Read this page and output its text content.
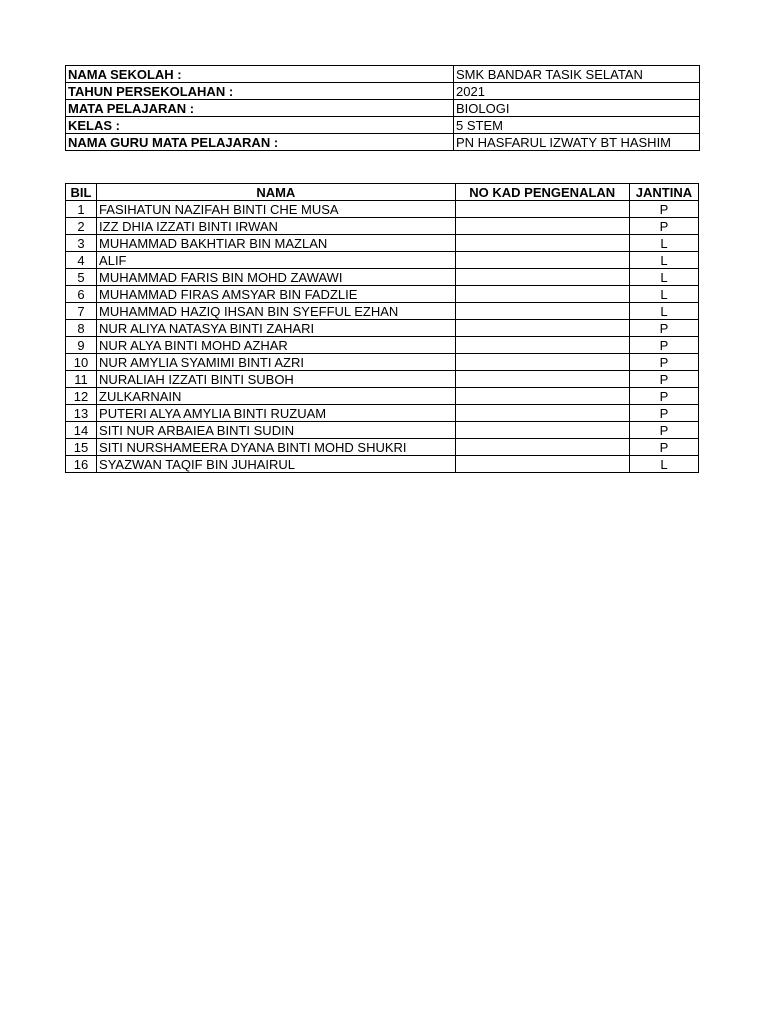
NAMA SEKOLAH :	SMK BANDAR TASIK SELATAN
TAHUN PERSEKOLAHAN :	2021
MATA PELAJARAN :	BIOLOGI
KELAS :	5 STEM
NAMA GURU MATA PELAJARAN :	PN HASFARUL IZWATY BT HASHIM
BIL	NAMA	NO KAD PENGENALAN	JANTINA
1	FASIHATUN NAZIFAH BINTI CHE MUSA		P
2	IZZ DHIA IZZATI BINTI IRWAN		P
3	MUHAMMAD BAKHTIAR BIN MAZLAN		L
4	ALIF		L
5	MUHAMMAD FARIS BIN MOHD ZAWAWI		L
6	MUHAMMAD FIRAS AMSYAR BIN FADZLIE		L
7	MUHAMMAD HAZIQ IHSAN BIN SYEFFUL EZHAN		L
8	NUR ALIYA NATASYA BINTI ZAHARI		P
9	NUR ALYA BINTI MOHD AZHAR		P
10	NUR AMYLIA SYAMIMI BINTI AZRI		P
11	NURALIAH IZZATI BINTI SUBOH		P
12	ZULKARNAIN		P
13	PUTERI ALYA AMYLIA BINTI RUZUAM		P
14	SITI NUR ARBAIEA BINTI SUDIN		P
15	SITI NURSHAMEERA DYANA BINTI MOHD SHUKRI		P
16	SYAZWAN TAQIF BIN JUHAIRUL		L
